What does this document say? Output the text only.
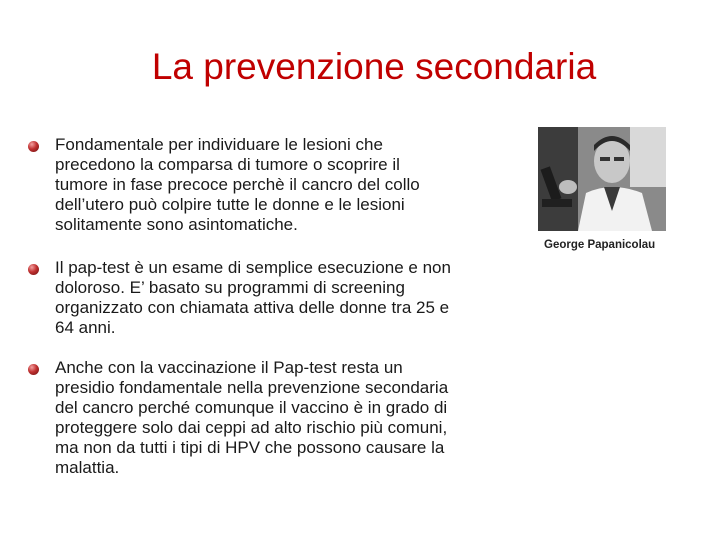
La prevenzione secondaria
Fondamentale per individuare le lesioni che
precedono la comparsa di tumore o scoprire il
tumore in fase precoce perchè il cancro del collo
dell’utero può colpire tutte le donne e le lesioni
solitamente sono asintomatiche.
Il pap-test è un esame di semplice esecuzione e non
doloroso. E’ basato su programmi di screening
organizzato con chiamata attiva delle donne tra 25 e
64 anni.
Anche con la vaccinazione il Pap-test resta un
presidio fondamentale nella prevenzione secondaria
del cancro perché comunque il vaccino è in grado di
proteggere solo dai ceppi ad alto rischio più comuni,
ma non da tutti i tipi di HPV che possono causare la
malattia.
George Papanicolau
